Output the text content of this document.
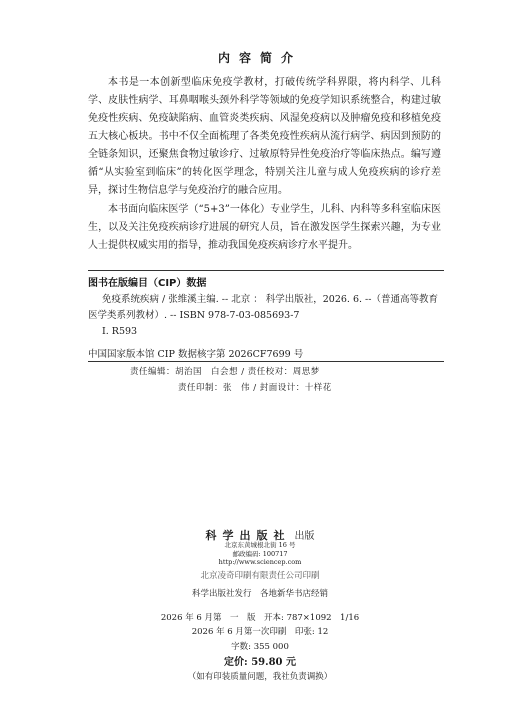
内容简介

本书是一本创新型临床免疫学教材，打破传统学科界限，将内科学、儿科学、皮肤性病学、耳鼻咽喉头颈外科学等领域的免疫学知识系统整合，构建过敏免疫性疾病、免疫缺陷病、血管炎类疾病、风湿免疫病以及肿瘤免疫和移植免疫五大核心板块。书中不仅全面梳理了各类免疫性疾病从流行病学、病因到预防的全链条知识，还聚焦食物过敏诊疗、过敏原特异性免疫治疗等临床热点。编写遵循“从实验室到临床”的转化医学理念，特别关注儿童与成人免疫疾病的诊疗差异，探讨生物信息学与免疫治疗的融合应用。

本书面向临床医学（“5+3”一体化）专业学生，儿科、内科等多科室临床医生，以及关注免疫疾病诊疗进展的研究人员，旨在激发医学生探索兴趣，为专业人士提供权威实用的指导，推动我国免疫疾病诊疗水平提升。

图书在版编目（CIP）数据
免疫系统疾病 / 张维溪主编. -- 北京 ： 科学出版社，2026. 6. --（普通高等教育医学类系列教材）. -- ISBN 978-7-03-085693-7
Ⅰ. R593
中国国家版本馆 CIP 数据核字第 2026CF7699 号
责任编辑：胡治国　白会想 / 责任校对：周思梦
责任印制：张　伟 / 封面设计：十样花
科学出版社 出版
北京东黄城根北街 16 号
邮政编码: 100717
http://www.sciencep.com
北京凌奇印刷有限责任公司印刷
科学出版社发行　各地新华书店经销
2026 年 6 月第　一　版　开本: 787×1092　1/16
2026 年 6 月第一次印刷　印张: 12
字数: 355 000
定价: 59.80 元
（如有印装质量问题，我社负责调换）
